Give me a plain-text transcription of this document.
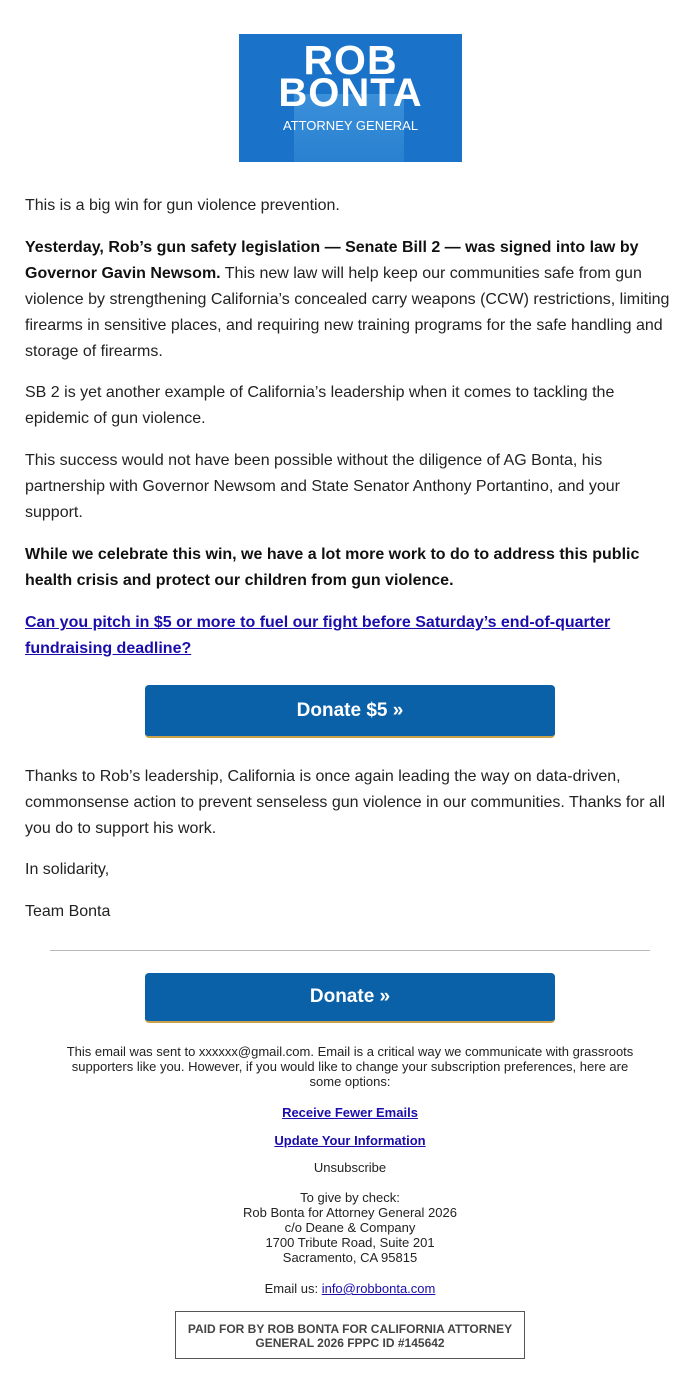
ROB
BONTA
ATTORNEY GENERAL
This is a big win for gun violence prevention.
Yesterday, Rob’s gun safety legislation — Senate Bill 2 — was signed into law by Governor Gavin Newsom. This new law will help keep our communities safe from gun violence by strengthening California’s concealed carry weapons (CCW) restrictions, limiting firearms in sensitive places, and requiring new training programs for the safe handling and storage of firearms.
SB 2 is yet another example of California’s leadership when it comes to tackling the epidemic of gun violence.
This success would not have been possible without the diligence of AG Bonta, his partnership with Governor Newsom and State Senator Anthony Portantino, and your support.
While we celebrate this win, we have a lot more work to do to address this public health crisis and protect our children from gun violence.
Can you pitch in $5 or more to fuel our fight before Saturday’s end-of-quarter fundraising deadline?
Donate $5 »
Thanks to Rob’s leadership, California is once again leading the way on data-driven, commonsense action to prevent senseless gun violence in our communities. Thanks for all you do to support his work.
In solidarity,
Team Bonta
Donate »
This email was sent to xxxxxx@gmail.com. Email is a critical way we communicate with grassroots supporters like you. However, if you would like to change your subscription preferences, here are some options:
Receive Fewer Emails
Update Your Information
Unsubscribe
To give by check:
Rob Bonta for Attorney General 2026
c/o Deane & Company
1700 Tribute Road, Suite 201
Sacramento, CA 95815
Email us: info@robbonta.com
PAID FOR BY ROB BONTA FOR CALIFORNIA ATTORNEY GENERAL 2026 FPPC ID #145642
